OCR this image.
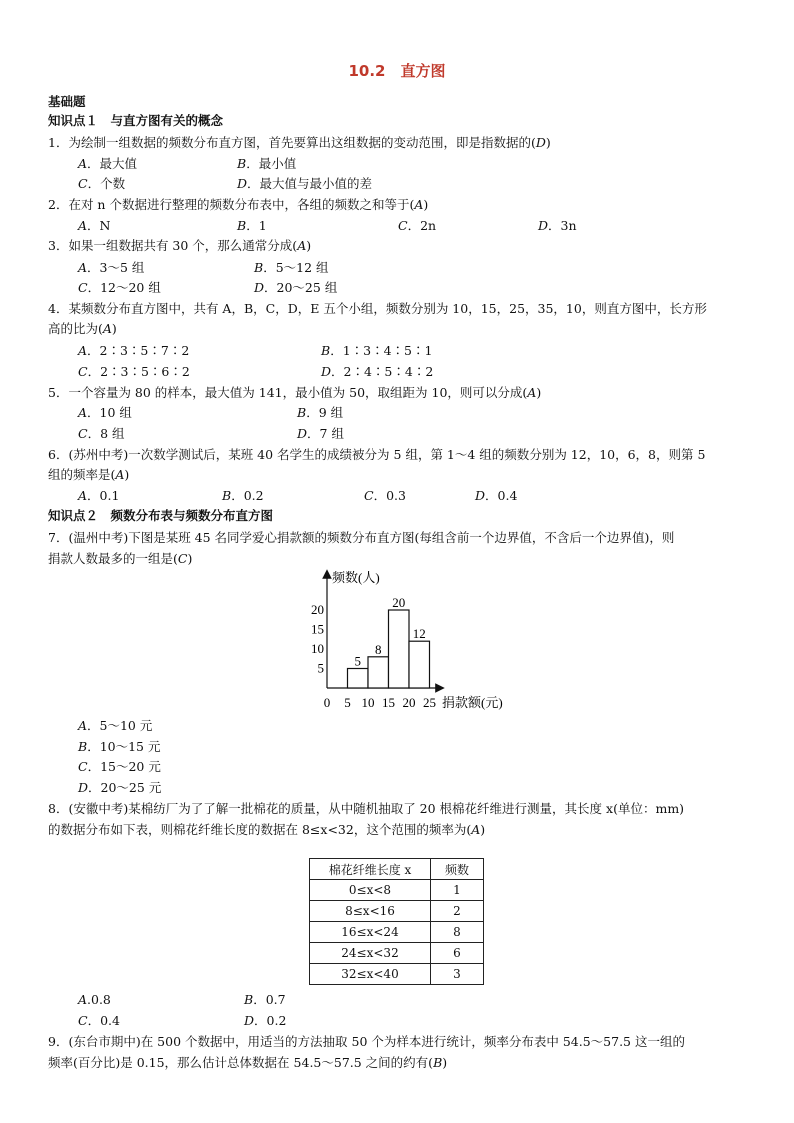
10.2　直方图
基础题
知识点１　与直方图有关的概念
1．为绘制一组数据的频数分布直方图，首先要算出这组数据的变动范围，即是指数据的(D)
A．最大值	B．最小值
C．个数	D．最大值与最小值的差
2．在对 n 个数据进行整理的频数分布表中，各组的频数之和等于(A)
A．N	B．1	C．2n	D．3n
3．如果一组数据共有 30 个，那么通常分成(A)
A．3～5 组	B．5～12 组
C．12～20 组	D．20～25 组
4．某频数分布直方图中，共有 A，B，C，D，E 五个小组，频数分别为 10，15，25，35，10，则直方图中，长方形
高的比为(A)
A．2∶3∶5∶7∶2	B．1∶3∶4∶5∶1
C．2∶3∶5∶6∶2	D．2∶4∶5∶4∶2
5．一个容量为 80 的样本，最大值为 141，最小值为 50，取组距为 10，则可以分成(A)
A．10 组	B．9 组
C．8 组	D．7 组
6．(苏州中考)一次数学测试后，某班 40 名学生的成绩被分为 5 组，第 1～4 组的频数分别为 12，10，6，8，则第 5
组的频率是(A)
A．0.1	B．0.2	C．0.3	D．0.4
知识点２　频数分布表与频数分布直方图
7．(温州中考)下图是某班 45 名同学爱心捐款额的频数分布直方图(每组含前一个边界值，不含后一个边界值)，则
捐款人数最多的一组是(C)
频数(人)
捐款额(元)
0 5 10 15 20 25
5
10
15
20
5
8
20
12
A．5～10 元
B．10～15 元
C．15～20 元
D．20～25 元
8．(安徽中考)某棉纺厂为了了解一批棉花的质量，从中随机抽取了 20 根棉花纤维进行测量，其长度 x(单位：mm)
的数据分布如下表，则棉花纤维长度的数据在 8≤x<32，这个范围的频率为(A)
棉花纤维长度 x	频数
0≤x<8	1
8≤x<16	2
16≤x<24	8
24≤x<32	6
32≤x<40	3
A.0.8	B．0.7
C．0.4	D．0.2
9．(东台市期中)在 500 个数据中，用适当的方法抽取 50 个为样本进行统计，频率分布表中 54.5～57.5 这一组的
频率(百分比)是 0.15，那么估计总体数据在 54.5～57.5 之间的约有(B)
